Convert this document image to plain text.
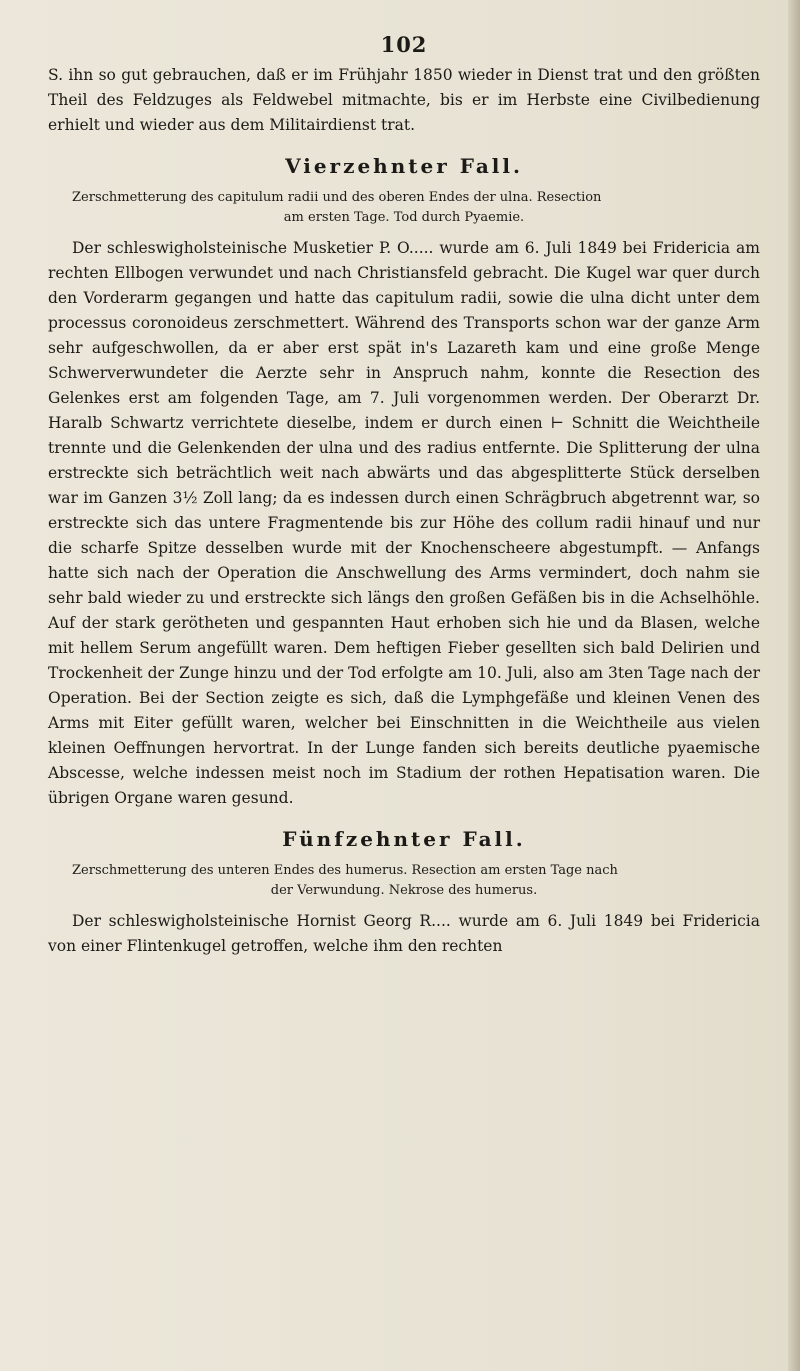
102

S. ihn so gut gebrauchen, daß er im Frühjahr 1850 wieder in Dienst trat und den größten Theil des Feldzuges als Feldwebel mitmachte, bis er im Herbste eine Civilbedienung erhielt und wieder aus dem Militairdienst trat.

Vierzehnter Fall.

Zerschmetterung des capitulum radii und des oberen Endes der ulna. Resection
am ersten Tage. Tod durch Pyaemie.

Der schleswigholsteinische Musketier P. O..... wurde am 6. Juli 1849 bei Fridericia am rechten Ellbogen verwundet und nach Christiansfeld gebracht. Die Kugel war quer durch den Vorderarm gegangen und hatte das capitulum radii, sowie die ulna dicht unter dem processus coronoideus zerschmettert. Während des Transports schon war der ganze Arm sehr aufgeschwollen, da er aber erst spät in's Lazareth kam und eine große Menge Schwerverwundeter die Aerzte sehr in Anspruch nahm, konnte die Resection des Gelenkes erst am folgenden Tage, am 7. Juli vorgenommen werden. Der Oberarzt Dr. Haralb Schwartz verrichtete dieselbe, indem er durch einen ⊢ Schnitt die Weichtheile trennte und die Gelenkenden der ulna und des radius entfernte. Die Splitterung der ulna erstreckte sich beträchtlich weit nach abwärts und das abgesplitterte Stück derselben war im Ganzen 3½ Zoll lang; da es indessen durch einen Schrägbruch abgetrennt war, so erstreckte sich das untere Fragmentende bis zur Höhe des collum radii hinauf und nur die scharfe Spitze desselben wurde mit der Knochenscheere abgestumpft. — Anfangs hatte sich nach der Operation die Anschwellung des Arms vermindert, doch nahm sie sehr bald wieder zu und erstreckte sich längs den großen Gefäßen bis in die Achselhöhle. Auf der stark gerötheten und gespannten Haut erhoben sich hie und da Blasen, welche mit hellem Serum angefüllt waren. Dem heftigen Fieber gesellten sich bald Delirien und Trockenheit der Zunge hinzu und der Tod erfolgte am 10. Juli, also am 3ten Tage nach der Operation. Bei der Section zeigte es sich, daß die Lymphgefäße und kleinen Venen des Arms mit Eiter gefüllt waren, welcher bei Einschnitten in die Weichtheile aus vielen kleinen Oeffnungen hervortrat. In der Lunge fanden sich bereits deutliche pyaemische Abscesse, welche indessen meist noch im Stadium der rothen Hepatisation waren. Die übrigen Organe waren gesund.

Fünfzehnter Fall.

Zerschmetterung des unteren Endes des humerus. Resection am ersten Tage nach
der Verwundung. Nekrose des humerus.

Der schleswigholsteinische Hornist Georg R.... wurde am 6. Juli 1849 bei Fridericia von einer Flintenkugel getroffen, welche ihm den rechten
